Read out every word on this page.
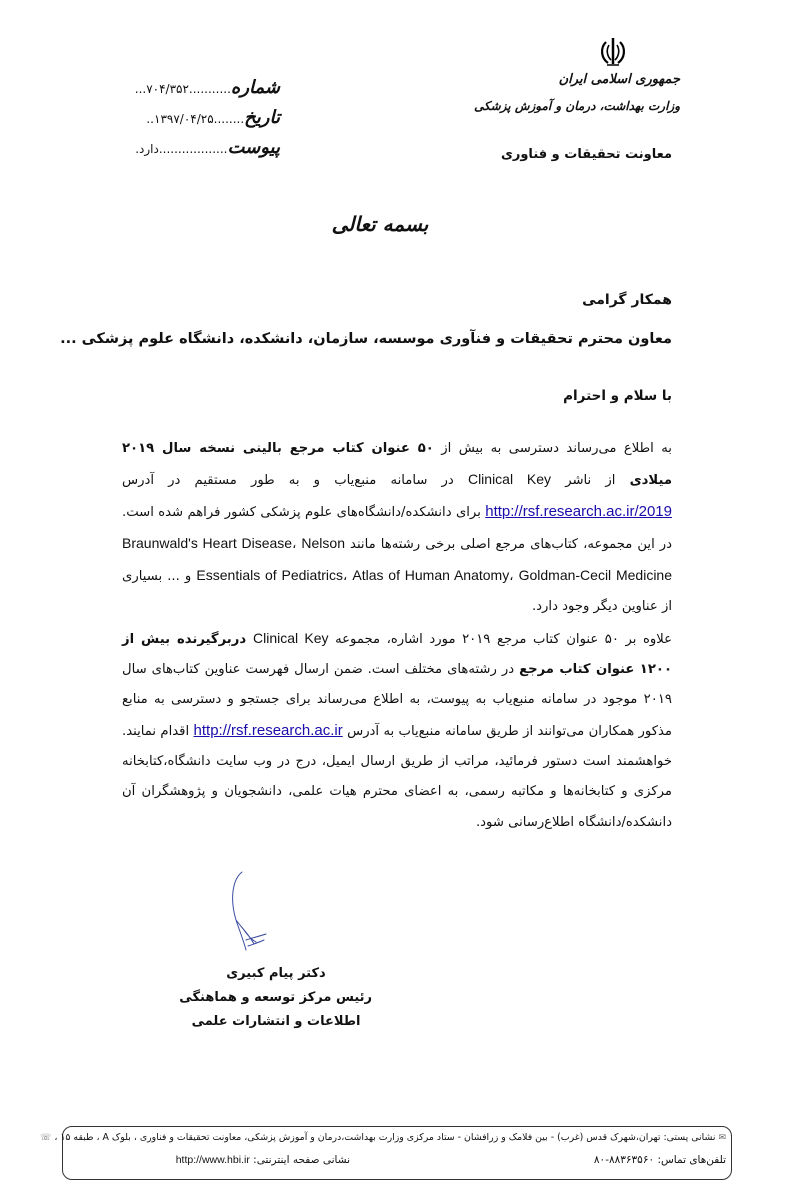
جمهوری اسلامی ایران
وزارت بهداشت، درمان و آموزش پزشکی
معاونت تحقیقات و فناوری
شماره...........۷۰۴/۳۵۲...
تاریخ........۱۳۹۷/۰۴/۲۵..
پیوست..................دارد.
بسمه تعالی
همکار گرامی
معاون محترم تحقیقات و فنآوری موسسه، سازمان، دانشکده، دانشگاه علوم پزشکی ...
با سلام و احترام

به اطلاع می‌رساند دسترسی به بیش از ۵۰ عنوان کتاب مرجع بالینی نسخه سال ۲۰۱۹ میلادی از ناشر Clinical Key در سامانه منبع‌یاب و به طور مستقیم در آدرس http://rsf.research.ac.ir/2019 برای دانشکده/دانشگاه‌های علوم پزشکی کشور فراهم شده است. در این مجموعه، کتاب‌های مرجع اصلی برخی رشته‌ها مانند Braunwald's Heart Disease، Nelson Essentials of Pediatrics، Atlas of Human Anatomy، Goldman-Cecil Medicine و ... بسیاری از عناوین دیگر وجود دارد.

علاوه بر ۵۰ عنوان کتاب مرجع ۲۰۱۹ مورد اشاره، مجموعه Clinical Key دربرگیرنده بیش از ۱۲۰۰ عنوان کتاب مرجع در رشته‌های مختلف است. ضمن ارسال فهرست عناوین کتاب‌های سال ۲۰۱۹ موجود در سامانه منبع‌یاب به پیوست، به اطلاع می‌رساند برای جستجو و دسترسی به منابع مذکور همکاران می‌توانند از طریق سامانه منبع‌یاب به آدرس http://rsf.research.ac.ir اقدام نمایند. خواهشمند است دستور فرمائید، مراتب از طریق ارسال ایمیل، درج در وب سایت دانشگاه،کتابخانه مرکزی و کتابخانه‌ها و مکاتبه رسمی، به اعضای محترم هیات علمی، دانشجویان و پژوهشگران آن دانشکده/دانشگاه اطلاع‌رسانی شود.

دکتر پیام کبیری
رئیس مرکز توسعه و هماهنگی
اطلاعات و انتشارات علمی
✉ نشانی پستی: تهران،شهرک قدس (غرب) - بین فلامک و زرافشان - ستاد مرکزی وزارت بهداشت،درمان و آموزش پزشکی، معاونت تحقیقات و فناوری ، بلوک A ، طبقه ۱۵ ، ☏
تلفن‌های تماس: ۸۸۳۶۳۵۶۰-۸۰
نشانی صفحه اینترنتی: http://www.hbi.ir
